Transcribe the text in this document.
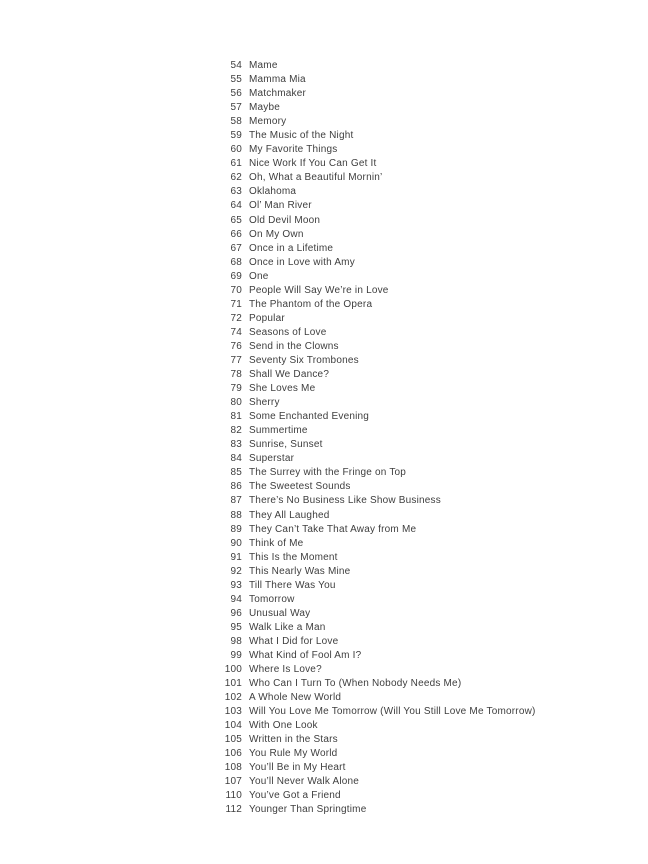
54 Mame
55 Mamma Mia
56 Matchmaker
57 Maybe
58 Memory
59 The Music of the Night
60 My Favorite Things
61 Nice Work If You Can Get It
62 Oh, What a Beautiful Mornin’
63 Oklahoma
64 Ol’ Man River
65 Old Devil Moon
66 On My Own
67 Once in a Lifetime
68 Once in Love with Amy
69 One
70 People Will Say We’re in Love
71 The Phantom of the Opera
72 Popular
74 Seasons of Love
76 Send in the Clowns
77 Seventy Six Trombones
78 Shall We Dance?
79 She Loves Me
80 Sherry
81 Some Enchanted Evening
82 Summertime
83 Sunrise, Sunset
84 Superstar
85 The Surrey with the Fringe on Top
86 The Sweetest Sounds
87 There’s No Business Like Show Business
88 They All Laughed
89 They Can’t Take That Away from Me
90 Think of Me
91 This Is the Moment
92 This Nearly Was Mine
93 Till There Was You
94 Tomorrow
96 Unusual Way
95 Walk Like a Man
98 What I Did for Love
99 What Kind of Fool Am I?
100 Where Is Love?
101 Who Can I Turn To (When Nobody Needs Me)
102 A Whole New World
103 Will You Love Me Tomorrow (Will You Still Love Me Tomorrow)
104 With One Look
105 Written in the Stars
106 You Rule My World
108 You’ll Be in My Heart
107 You’ll Never Walk Alone
110 You’ve Got a Friend
112 Younger Than Springtime
